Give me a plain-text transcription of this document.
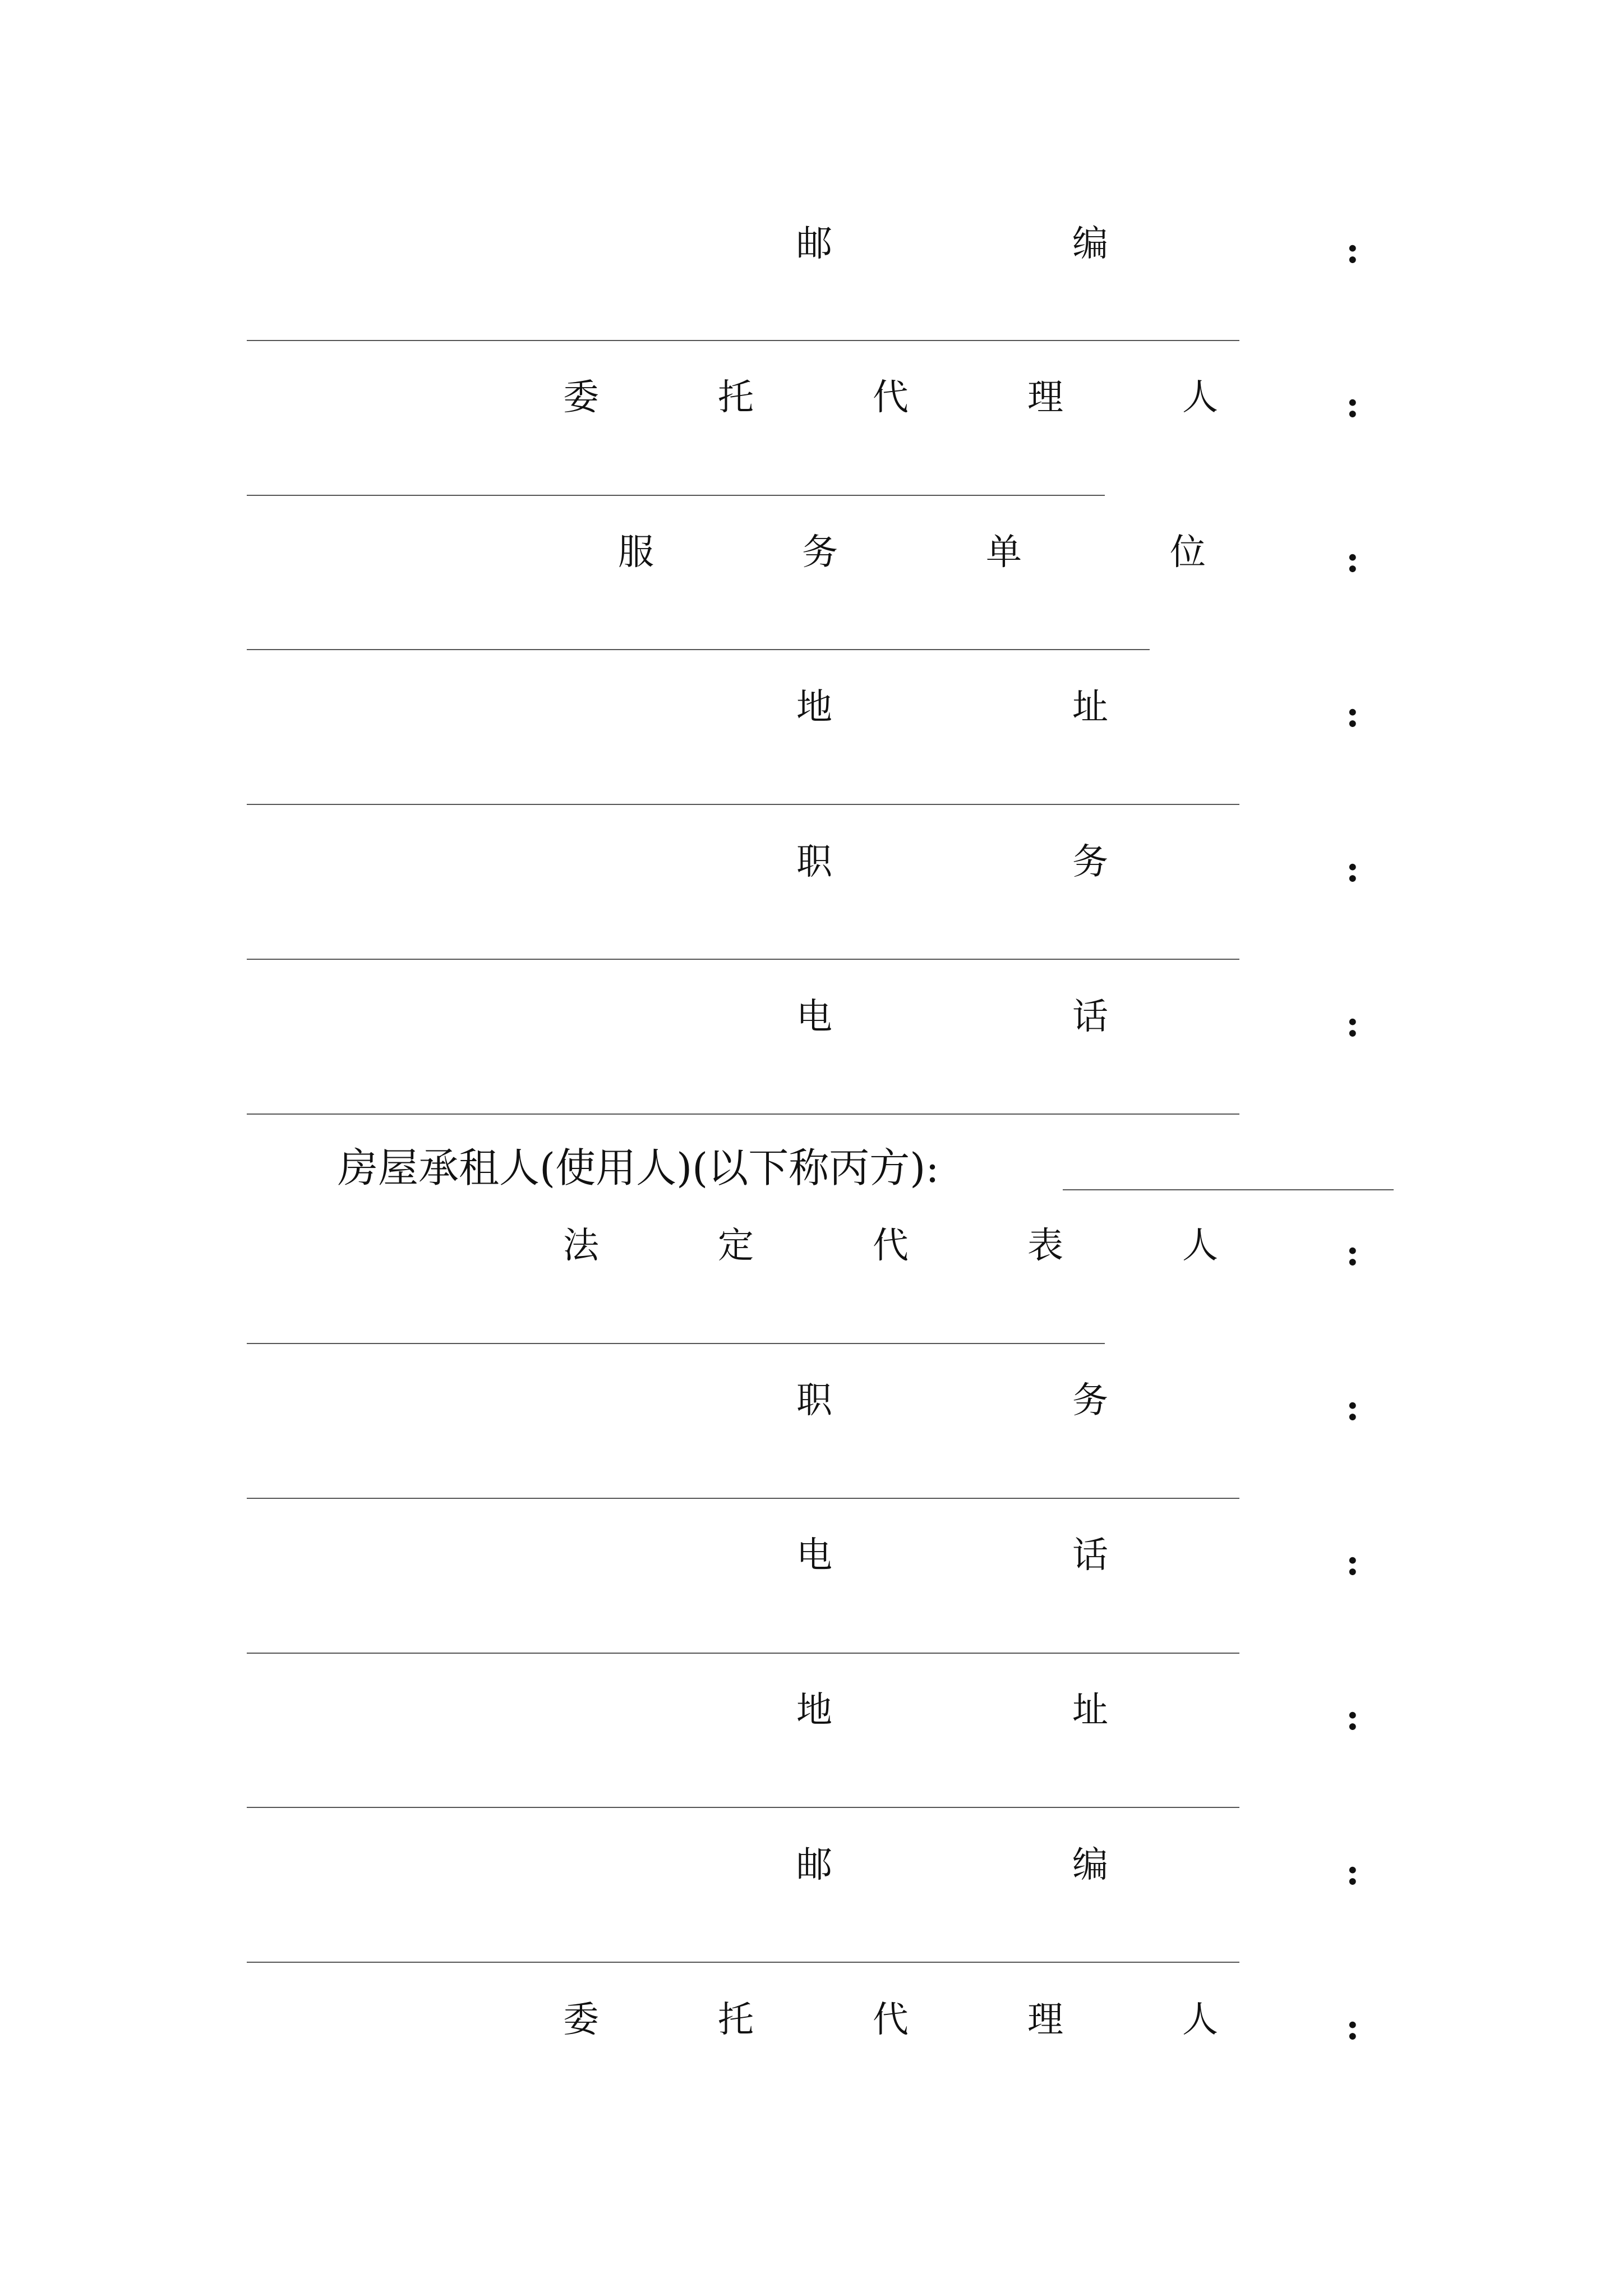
邮	编	:
委	托	代	理	人	:
服	务	单	位	:
地	址	:
职	务	:
电	话	:
房屋承租人(使用人)(以下称丙方):
法	定	代	表	人	:
职	务	:
电	话	:
地	址	:
邮	编	:
委	托	代	理	人	:
